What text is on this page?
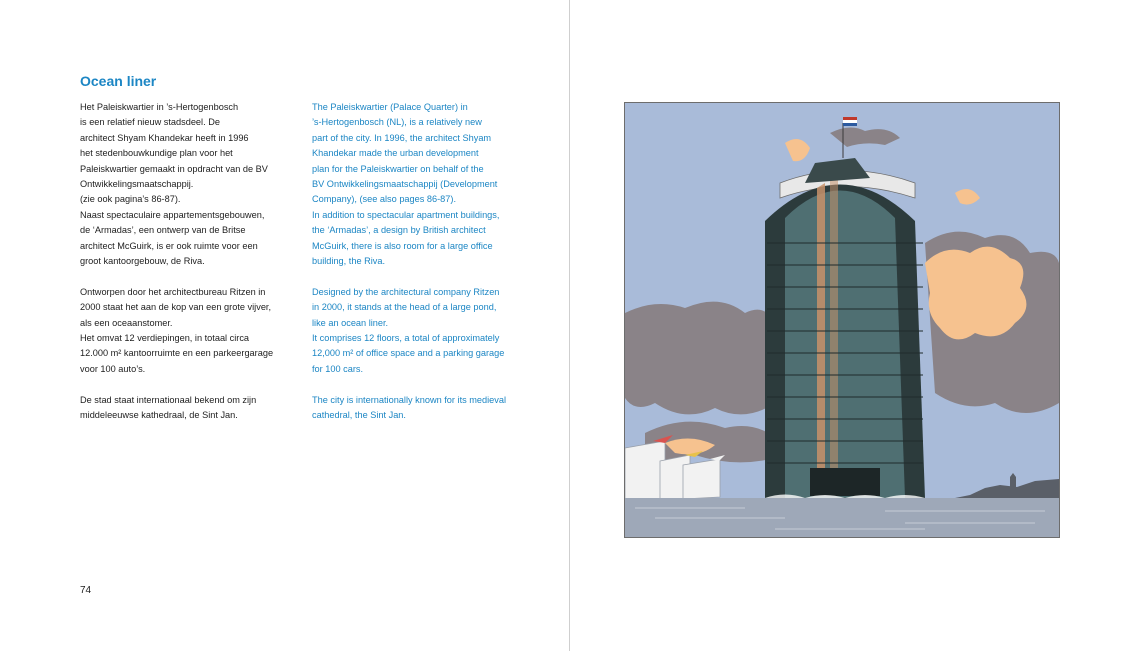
Ocean liner

Het Paleiskwartier in ’s-Hertogenbosch
is een relatief nieuw stadsdeel. De
architect Shyam Khandekar heeft in 1996
het stedenbouwkundige plan voor het
Paleiskwartier gemaakt in opdracht van de BV
Ontwikkelingsmaatschappij.
(zie ook pagina’s 86-87).
Naast spectaculaire appartementsgebouwen,
de ‘Armadas’, een ontwerp van de Britse
architect McGuirk, is er ook ruimte voor een
groot kantoorgebouw, de Riva.

Ontworpen door het architectbureau Ritzen in
2000 staat het aan de kop van een grote vijver,
als een oceaanstomer.
Het omvat 12 verdiepingen, in totaal circa
12.000 m² kantoorruimte en een parkeergarage
voor 100 auto’s.

De stad staat internationaal bekend om zijn
middeleeuwse kathedraal, de Sint Jan.

The Paleiskwartier (Palace Quarter) in
’s-Hertogenbosch (NL), is a relatively new
part of the city. In 1996, the architect Shyam
Khandekar made the urban development
plan for the Paleiskwartier on behalf of the
BV Ontwikkelingsmaatschappij (Development
Company), (see also pages 86-87).
In addition to spectacular apartment buildings,
the ‘Armadas’, a design by British architect
McGuirk, there is also room for a large office
building, the Riva.

Designed by the architectural company Ritzen
in 2000, it stands at the head of a large pond,
like an ocean liner.
It comprises 12 floors, a total of approximately
12,000 m² of office space and a parking garage
for 100 cars.

The city is internationally known for its medieval
cathedral, the Sint Jan.

74
